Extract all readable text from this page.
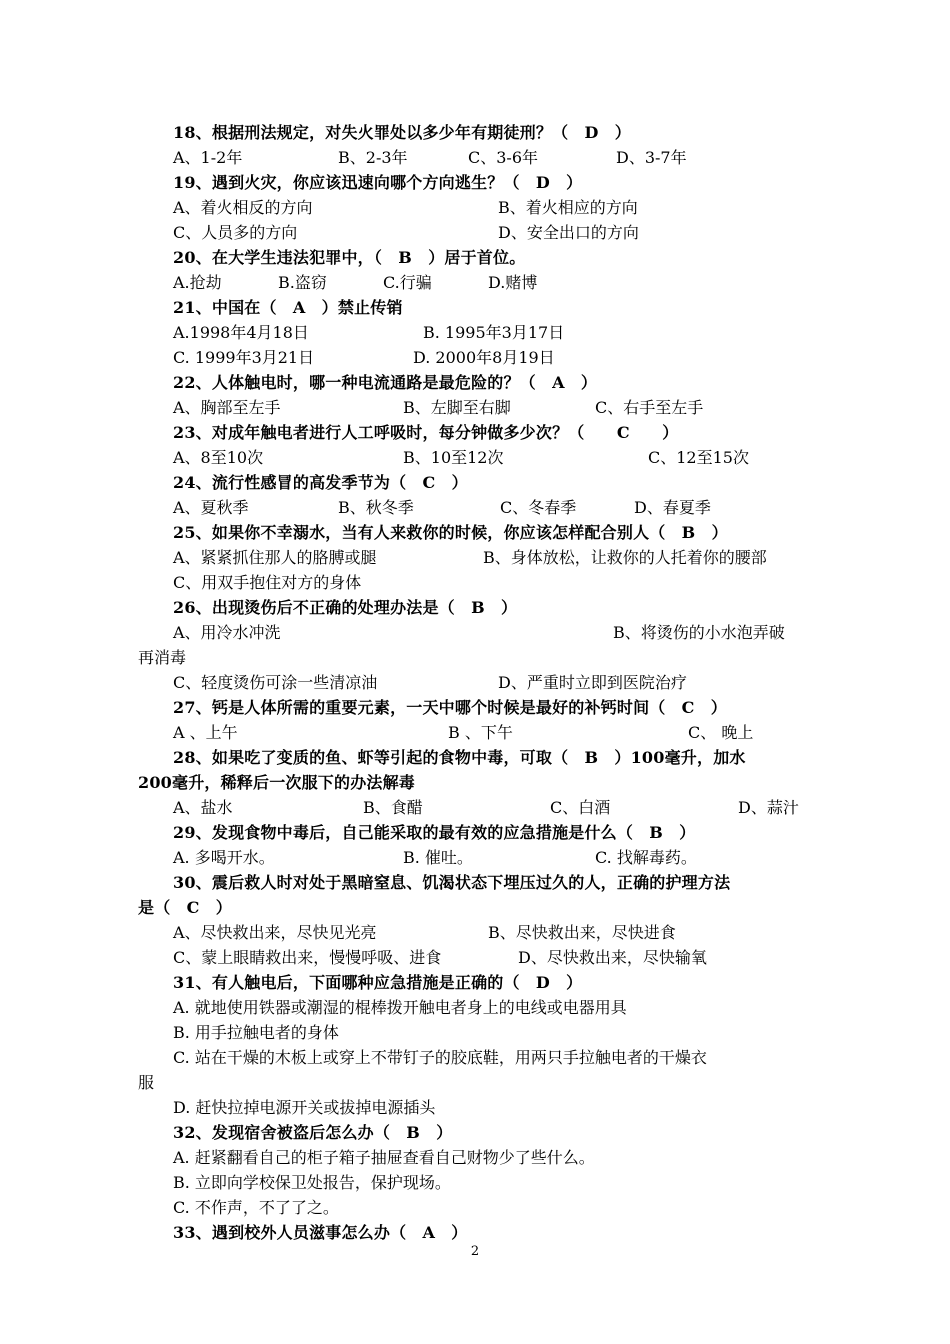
18、根据刑法规定，对失火罪处以多少年有期徒刑？（　D　）
A、1-2年	B、2-3年	C、3-6年	D、3-7年
19、遇到火灾，你应该迅速向哪个方向逃生？（　D　）
A、着火相反的方向	B、着火相应的方向
C、人员多的方向	D、安全出口的方向
20、在大学生违法犯罪中，（　B　）居于首位。
A.抢劫	B.盗窃	C.行骗	D.赌博
21、中国在（　A　）禁止传销
A.1998年4月18日	B. 1995年3月17日
C. 1999年3月21日	D. 2000年8月19日
22、人体触电时，哪一种电流通路是最危险的？（　A　）
A、胸部至左手	B、左脚至右脚	C、右手至左手
23、对成年触电者进行人工呼吸时，每分钟做多少次？（　　C　　）
A、8至10次	B、10至12次	C、12至15次
24、流行性感冒的高发季节为（　C　）
A、夏秋季	B、秋冬季	C、冬春季	D、春夏季
25、如果你不幸溺水，当有人来救你的时候，你应该怎样配合别人（　B　）
A、紧紧抓住那人的胳膊或腿	B、身体放松，让救你的人托着你的腰部
C、用双手抱住对方的身体
26、出现烫伤后不正确的处理办法是（　B　）
A、用冷水冲洗	B、将烫伤的小水泡弄破
再消毒
C、轻度烫伤可涂一些清凉油	D、严重时立即到医院治疗
27、钙是人体所需的重要元素，一天中哪个时候是最好的补钙时间（　C　）
A 、上午	B 、下午	C、 晚上
28、如果吃了变质的鱼、虾等引起的食物中毒，可取（　B　）100毫升，加水
200毫升，稀释后一次服下的办法解毒
A、盐水	B、食醋	C、白酒	D、蒜汁
29、发现食物中毒后，自己能采取的最有效的应急措施是什么（　B　）
A. 多喝开水。	B. 催吐。	C. 找解毒药。
30、震后救人时对处于黑暗窒息、饥渴状态下埋压过久的人，正确的护理方法
是（　C　）
A、尽快救出来，尽快见光亮	B、尽快救出来，尽快进食
C、蒙上眼睛救出来，慢慢呼吸、进食	D、尽快救出来，尽快输氧
31、有人触电后，下面哪种应急措施是正确的（　D　）
A. 就地使用铁器或潮湿的棍棒拨开触电者身上的电线或电器用具
B. 用手拉触电者的身体
C. 站在干燥的木板上或穿上不带钉子的胶底鞋，用两只手拉触电者的干燥衣
服
D. 赶快拉掉电源开关或拔掉电源插头
32、发现宿舍被盗后怎么办（　B　）
A. 赶紧翻看自己的柜子箱子抽屉查看自己财物少了些什么。
B. 立即向学校保卫处报告，保护现场。
C. 不作声，不了了之。
33、遇到校外人员滋事怎么办（　A　）
2
